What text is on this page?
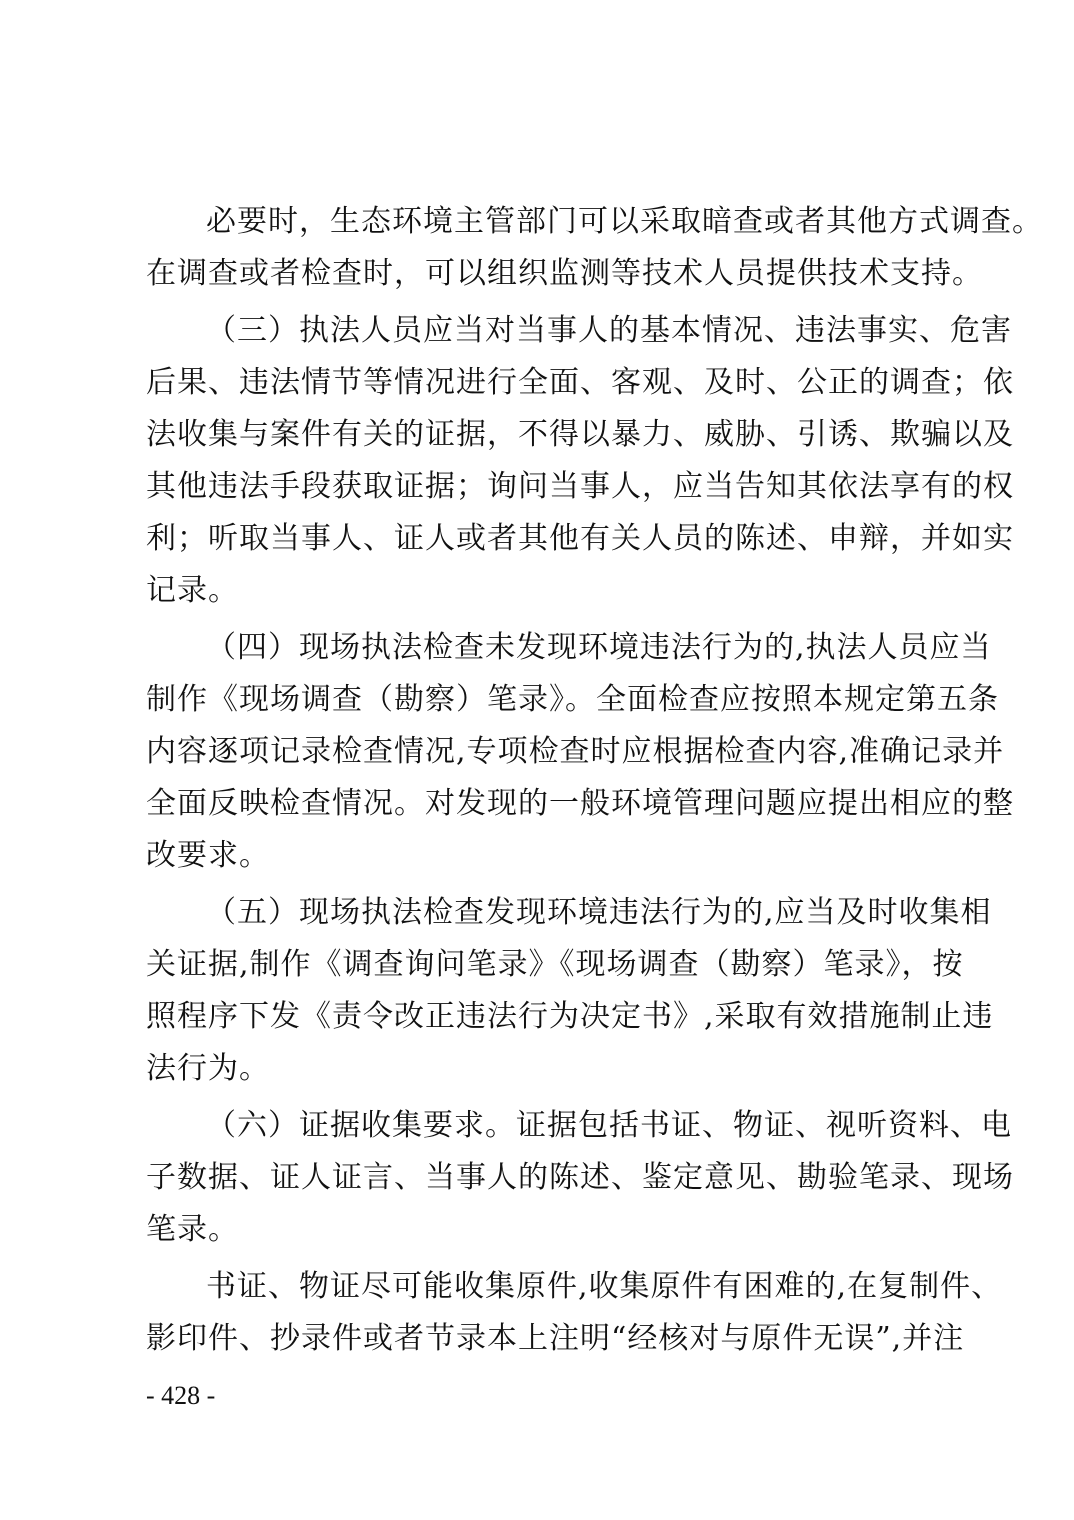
必要时，生态环境主管部门可以采取暗查或者其他方式调查。
在调查或者检查时，可以组织监测等技术人员提供技术支持。
（三）执法人员应当对当事人的基本情况、违法事实、危害
后果、违法情节等情况进行全面、客观、及时、公正的调查；依
法收集与案件有关的证据，不得以暴力、威胁、引诱、欺骗以及
其他违法手段获取证据；询问当事人，应当告知其依法享有的权
利；听取当事人、证人或者其他有关人员的陈述、申辩，并如实
记录。
（四）现场执法检查未发现环境违法行为的,执法人员应当
制作《现场调查（勘察）笔录》。全面检查应按照本规定第五条
内容逐项记录检查情况,专项检查时应根据检查内容,准确记录并
全面反映检查情况。对发现的一般环境管理问题应提出相应的整
改要求。
（五）现场执法检查发现环境违法行为的,应当及时收集相
关证据,制作《调查询问笔录》《现场调查（勘察）笔录》，按
照程序下发《责令改正违法行为决定书》,采取有效措施制止违
法行为。
（六）证据收集要求。证据包括书证、物证、视听资料、电
子数据、证人证言、当事人的陈述、鉴定意见、勘验笔录、现场
笔录。
书证、物证尽可能收集原件,收集原件有困难的,在复制件、
影印件、抄录件或者节录本上注明“经核对与原件无误”,并注
- 428 -
